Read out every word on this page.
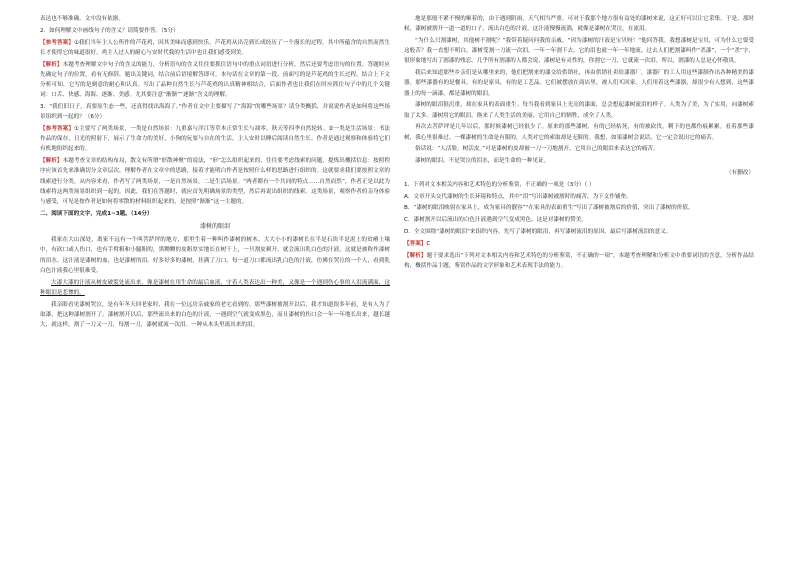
表达也不够准确，文中没有依据。

2．如何理解文中画线句子的含义？请简要作答。（5分）

【参考答案】①我们当年主人公所作的芦花鸡，因其美味而感到快乐。芦花鸡从出壳到长成经历了一个漫长的过程，其中所蕴含的自然而然生长才使得它的味道很好。鸡主人过人的耐心与安时代我的生活中也让我们感受到美。

【解析】本题考查理解文中句子的含义的能力，分析语句的含义往往要抓住语句中的重点词语进行分析，然后还要考虑语句的位置。答题时应先确定句子的位置，看有无修辞，题出关键词，结合前后语境解答即可。本句话在文章的第一段，前面写的是芦花鸡的生长过程，结合上下文分析可知，它写的是刻意的耐心和认真。写出了品种自然生长与芦花鸡的认真精神相结合，后面作者也让我们在时应抓住句子中的几个关键词：口舌、快感、海海、逐渐、美感。尤其要注意“渐渐”“逐渐”含义的理解。

3．“我们旧日子，真要原生态一些，还真得找出海海了。”作者在文中主要描写了“海海”的哪些场景？请分类概括，并说说作者是如何将这些场景组织到一起的？（6分）

【参考答案】①主要写了两类场景，一类是自然场景：九重嘉与洋江等草木正常生长与凋零，秋天等四季自然轮转。②一类是生活场景：书法作品的保存，日光的照射下，展示了生命力的美好，小狗的玩耍与自在的生活，主人安时以睡后阅读自然生长。作者是通过观察和体验将它们有机地组织起来的。

【解析】本题考查文章的结构布局，散文有所谓“形散神聚”的说法，“形”怎么组织起来的，往往要考虑线索的问题。提炼出概括信息：按照程序应该首先来准确切分文章层次，理解作者在文章中的思路，接着才能明白作者是按照什么样的思路进行组织的。这就要求我们要按照文章的线索进行分类。从内容来看，作者写了两类场景，一是自然场景，二是生活场景。“两者都有一个共同的特点……自然而然”，作者正是以此为线索将这两类场景组织到一起的。因此，我们在答题时，就应首先明确场景的类型，然后再说出组织的线索。这类场景，观察作者的亲身体验与感受，可见是按作者是如何将零散的材料组织起来的，是按照“渐渐”这一主题的。

二、阅读下面的文字，完成1~3题。（14分）

漆树的眼泪

我家在大山深处，离家不远有一个叫菩萨坪的地方，那里生着一种叫作漆树的树木。大大小小的漆树长在半是石块半是泥土的贫瘠土壤中，有砍口或人伤口，也有手臂粗和小腿粗的，黑黝黝的皮粗厚实地长在树干上，一旦割皮刺开，就会流出乳白色的汁液，这就是被称作漆树的泪水。这汁液是漆树的血，也是漆树的泪。好多好多的漆树，挂满了刀口，每一道刀口都流出乳白色的汁液，仿佛在哭泣的一个人，看到乳白色汁液我心里很难受。

大漆大漆的汁液从树皮破裂处流出来。像是漆树在用生命的最后血液，守着人类表达出一种美，又像是一个遇到伤心事的人泪流满面，这种眼泪是悲惨的。

我亲眼看见漆树哭泣，是有年冬天回老家时，我在一位远房亲戚家的老宅看到的。那些漆树被割开以后，我才知道很多年前，是有人为了取漆，把这种漆树割开了。漆树割开以后，那些流出来的白色的汁液，一遇到空气就变成黑色，而且漆树的伤口会一年一年地长出来，越长越大，就这样，割了一刀又一刀，每割一刀，漆树就流一次泪。一种从木头里流出来的泪。

地是那般不紧不慢的顺着的，由于遇到阴雨，天气相当严重。可对于我那个地方很有益处的漆树来说，这正好可以让它采集。于是，那时候，漆树被割开一道一道的口子，流出白色的汁液，这汁液慢慢流淌，就像是漆树在哭泣，在流泪。

“为什么只割漆树，其他树不割呢？”我带着疑问问我的亲戚。“因为漆树的汁液是宝贝呀！”他回答我。我想漆树是宝贝，可为什么它要受这般苦？我一直想不明白，漆树受割一刀流一次泪，一年一年割下去，它的泪也就一年一年地流。过去人们把割漆叫作“杀漆”，一个“杀”字，很形象地写出了割漆的残忍。几乎所有割漆的人都会说，漆树是有灵性的，你割它一刀，它就流一次泪。所以，割漆的人总是心怀敬畏。

我后来知道那些乡亲们是从哪里来的，他们把割来的漆交给供销社，再由供销社卖给漆器厂，漆器厂的工人用这些漆制作出各种精美的漆器。那些漆器有的是餐具，有的是家具，有的是工艺品。它们被摆放在商店里，被人们买回家。人们用着这些漆器，却很少有人想到，这些漆器上的每一滴漆，都是漆树的眼泪。

漆树的眼泪很沉重，却在家具的表面重生。每当我看到家具上光亮的漆面，总会想起漆树流泪的样子。人类为了美，为了实用，向漆树索取了太多。漆树用它的眼泪，换来了人类生活的美丽，它用自己的牺牲，成全了人类。

再次去菩萨坪是几年以后，那时候漆树已经很少了。原来的那些漆树，有的已经枯死，有的被砍伐，剩下的也都伤痕累累。看着那些漆树，我心里很难过。一棵漆树的生命是有限的，人类对它的索取却是无限的。我想，如果漆树会说话，它一定会说出它的痛苦。

俗话说：“人活脸，树活皮。”可是漆树的皮却被一刀一刀地割开，它用自己的眼泪来表达它的痛苦。

漆树的眼泪，不是哭泣的泪水，而是生命的一种见证。

（有删改）

1．下列对文本相关内容和艺术特色的分析鉴赏，不正确的一项是（3分）（ ）

A．文章开头交代漆树的生长环境和特点，其中“泪”写出漆树被割时的痛苦，为下文作铺垫。

B．“漆树的眼泪映射在家具上，成为家具的靓容”“在家具的表面重生”写出了漆树被割后的价值，突出了漆树的价值。

C．漆树割开以后流出的白色汁液遇到空气变成黑色，这是对漆树的赞美。

D．全文围绕“漆树的眼泪”来组织内容，先写了漆树的眼泪，再写漆树流泪的原因，最后写漆树流泪的意义。

【答案】C

【解析】题干要求选出“下列对文本相关内容和艺术特色的分析鉴赏，不正确的一项”，本题考查理解和分析文中重要词语的含意，分析作品结构，概括作品主题，鉴赏作品的文学形象和艺术表现手法的能力。
